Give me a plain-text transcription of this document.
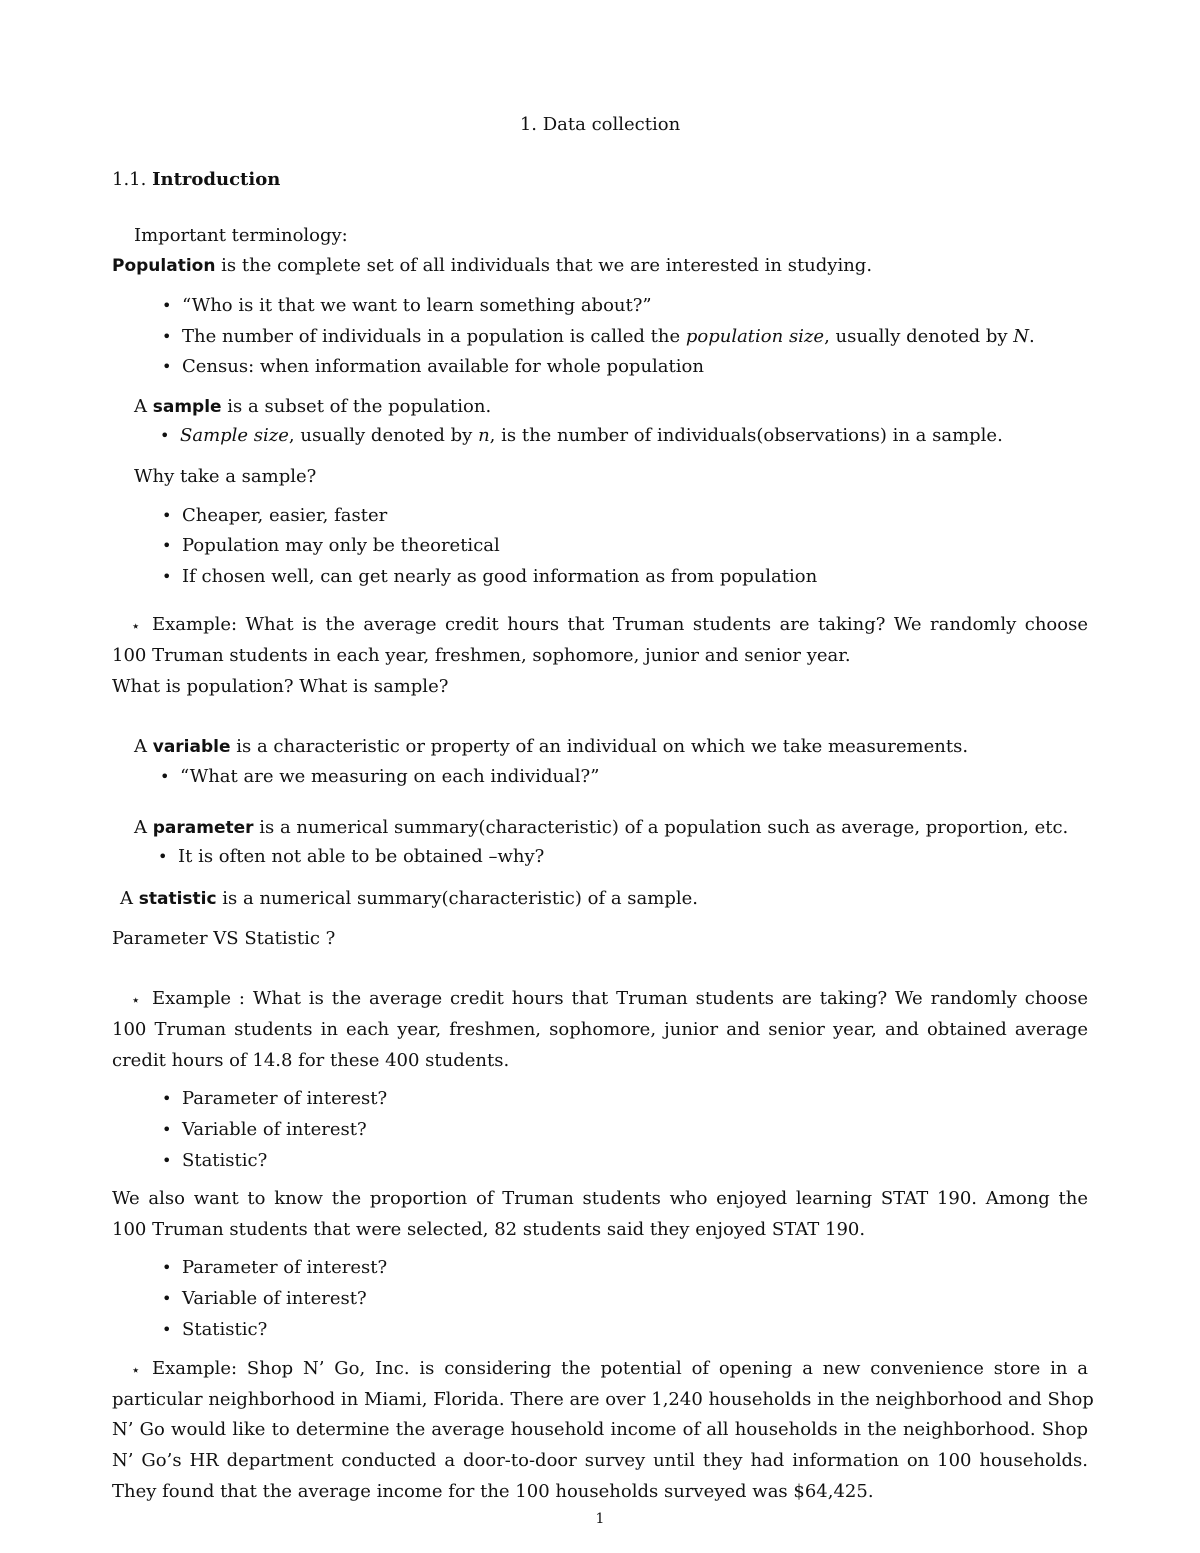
1. Data collection
1.1. Introduction
Important terminology:
Population is the complete set of all individuals that we are interested in studying.
• “Who is it that we want to learn something about?”
• The number of individuals in a population is called the population size, usually denoted by N.
• Census: when information available for whole population
A sample is a subset of the population.
• Sample size, usually denoted by n, is the number of individuals(observations) in a sample.
Why take a sample?
• Cheaper, easier, faster
• Population may only be theoretical
• If chosen well, can get nearly as good information as from population
⋆ Example: What is the average credit hours that Truman students are taking? We randomly choose
100 Truman students in each year, freshmen, sophomore, junior and senior year.
What is population? What is sample?
A variable is a characteristic or property of an individual on which we take measurements.
• “What are we measuring on each individual?”
A parameter is a numerical summary(characteristic) of a population such as average, proportion, etc.
• It is often not able to be obtained –why?
A statistic is a numerical summary(characteristic) of a sample.
Parameter VS Statistic ?
⋆ Example : What is the average credit hours that Truman students are taking? We randomly choose
100 Truman students in each year, freshmen, sophomore, junior and senior year, and obtained average
credit hours of 14.8 for these 400 students.
• Parameter of interest?
• Variable of interest?
• Statistic?
We also want to know the proportion of Truman students who enjoyed learning STAT 190. Among the
100 Truman students that were selected, 82 students said they enjoyed STAT 190.
• Parameter of interest?
• Variable of interest?
• Statistic?
⋆ Example: Shop N’ Go, Inc. is considering the potential of opening a new convenience store in a
particular neighborhood in Miami, Florida. There are over 1,240 households in the neighborhood and Shop
N’ Go would like to determine the average household income of all households in the neighborhood. Shop
N’ Go’s HR department conducted a door-to-door survey until they had information on 100 households.
They found that the average income for the 100 households surveyed was $64,425.
1
